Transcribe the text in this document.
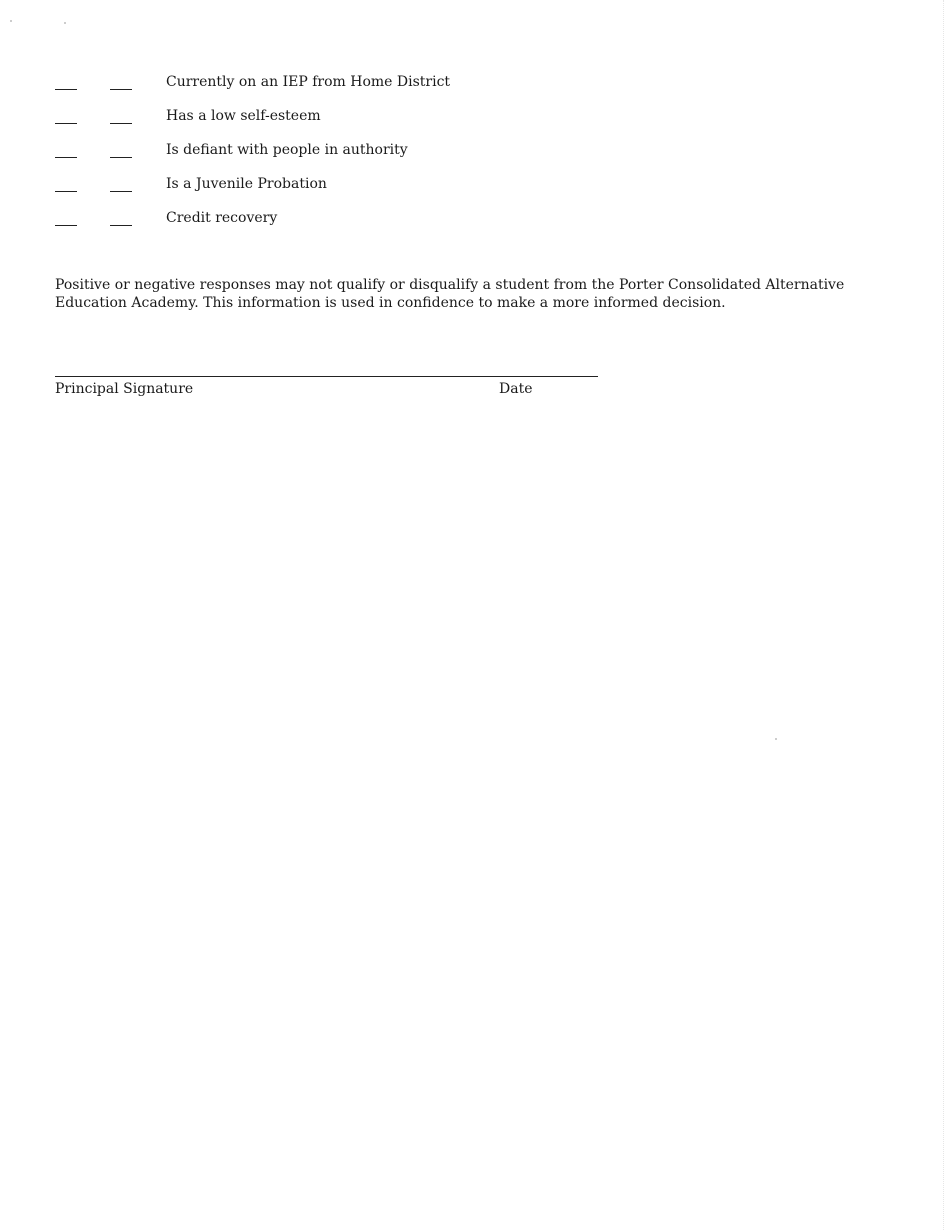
Currently on an IEP from Home District
Has a low self-esteem
Is defiant with people in authority
Is a Juvenile Probation
Credit recovery

Positive or negative responses may not qualify or disqualify a student from the Porter Consolidated Alternative Education Academy. This information is used in confidence to make a more informed decision.

Principal Signature	Date
